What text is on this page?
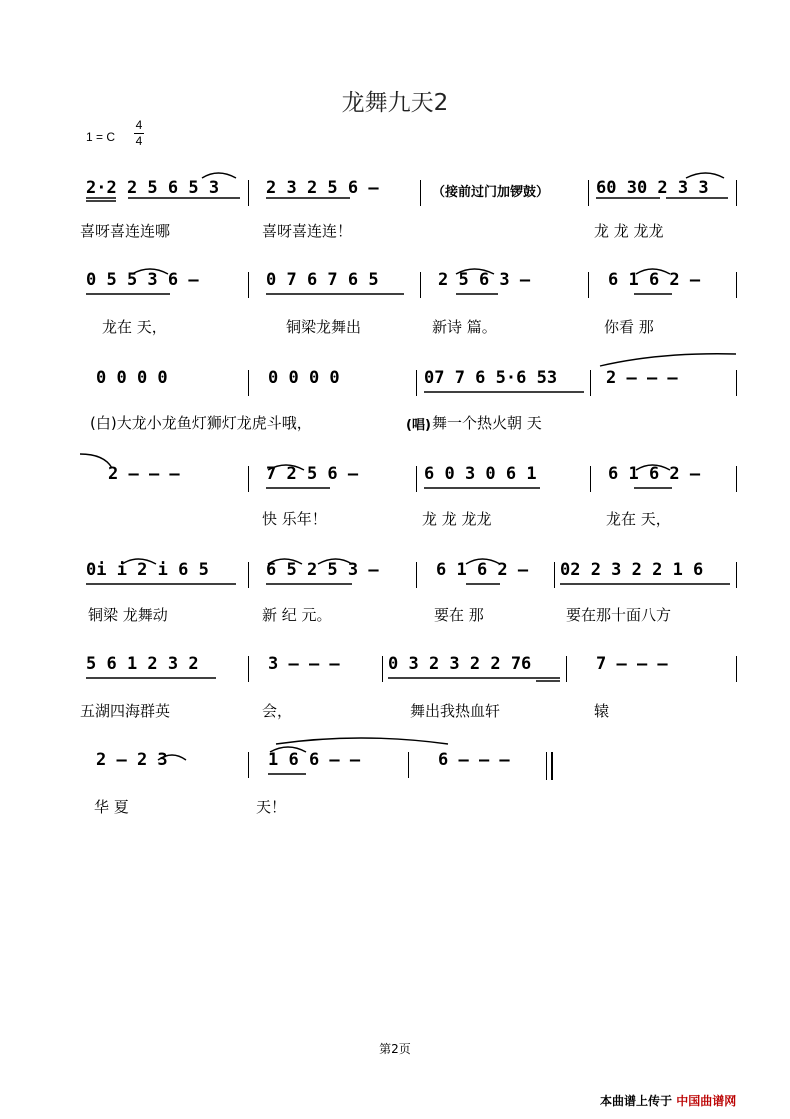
龙舞九天2
1 = C
4
4
2·2 2 5 6 5 3	2 3 2 5 6 –	60 30 2 3 3
（接前过门加锣鼓）
喜呀喜连连哪	喜呀喜连连！	龙 龙 龙龙
0 5 5 3 6 –	0 7 6 7 6 5	2 5 6 3 –	6 1 6 2 –
龙在 天，	铜梁龙舞出	新诗 篇。	你看 那
0 0 0 0	0 0 0 0	07 7 6 5·6 53	2 – – –
(白)大龙小龙鱼灯狮灯龙虎斗哦，	(唱) 舞一个热火朝 天
2 – – –	7 2 5 6 –	6 0 3 0 6 1	6 1 6 2 –
快 乐年！	龙 龙 龙龙	龙在 天，
0i i 2 i 6 5	6 5 2 5 3 –	6 1 6 2 – 02 2 3 2 2 1 6
铜梁 龙舞动	新 纪 元。	要在 那	要在那十面八方
5 6 1 2 3 2	3 – – –	0 3 2 3 2 2 76	7 – – –
五湖四海群英	会，	舞出我热血轩	辕
2 – 2 3	1 6 6 – –	6 – – –
华 夏	天！
第2页
本曲谱上传于 中国曲谱网
